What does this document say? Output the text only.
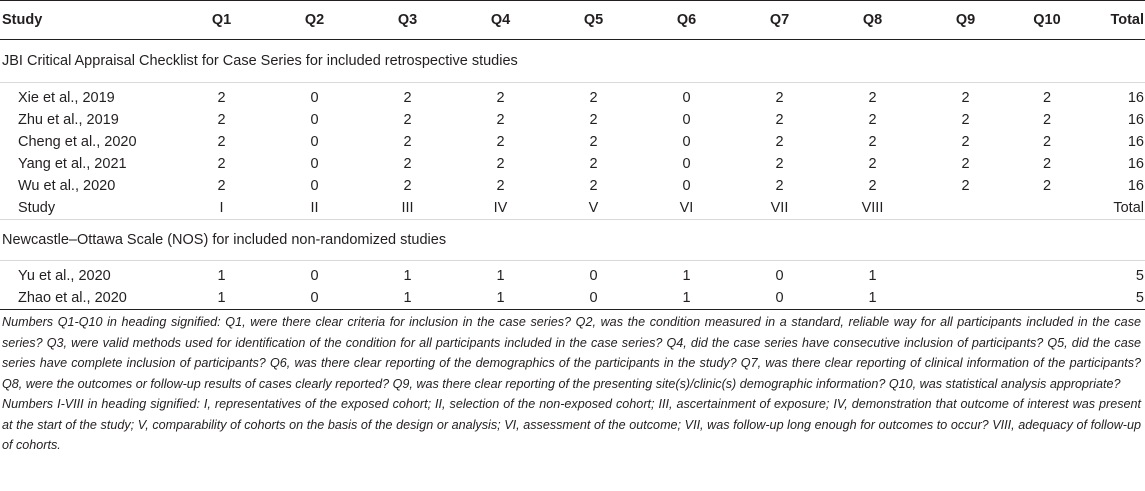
Study	Q1	Q2	Q3	Q4	Q5	Q6	Q7	Q8	Q9	Q10	Total
JBI Critical Appraisal Checklist for Case Series for included retrospective studies											

Xie et al., 2019	2	0	2	2	2	0	2	2	2	2	16
Zhu et al., 2019	2	0	2	2	2	0	2	2	2	2	16
Cheng et al., 2020	2	0	2	2	2	0	2	2	2	2	16
Yang et al., 2021	2	0	2	2	2	0	2	2	2	2	16
Wu et al., 2020	2	0	2	2	2	0	2	2	2	2	16
Study	I	II	III	IV	V	VI	VII	VIII			Total
Newcastle–Ottawa Scale (NOS) for included non-randomized studies											

Yu et al., 2020	1	0	1	1	0	1	0	1			5
Zhao et al., 2020	1	0	1	1	0	1	0	1			5

Numbers Q1-Q10 in heading signified: Q1, were there clear criteria for inclusion in the case series? Q2, was the condition measured in a standard, reliable way for all participants included in the case series? Q3, were valid methods used for identification of the condition for all participants included in the case series? Q4, did the case series have consecutive inclusion of participants? Q5, did the case series have complete inclusion of participants? Q6, was there clear reporting of the demographics of the participants in the study? Q7, was there clear reporting of clinical information of the participants? Q8, were the outcomes or follow-up results of cases clearly reported? Q9, was there clear reporting of the presenting site(s)/clinic(s) demographic information? Q10, was statistical analysis appropriate?

Numbers I-VIII in heading signified: I, representatives of the exposed cohort; II, selection of the non-exposed cohort; III, ascertainment of exposure; IV, demonstration that outcome of interest was present at the start of the study; V, comparability of cohorts on the basis of the design or analysis; VI, assessment of the outcome; VII, was follow-up long enough for outcomes to occur? VIII, adequacy of follow-up of cohorts.
